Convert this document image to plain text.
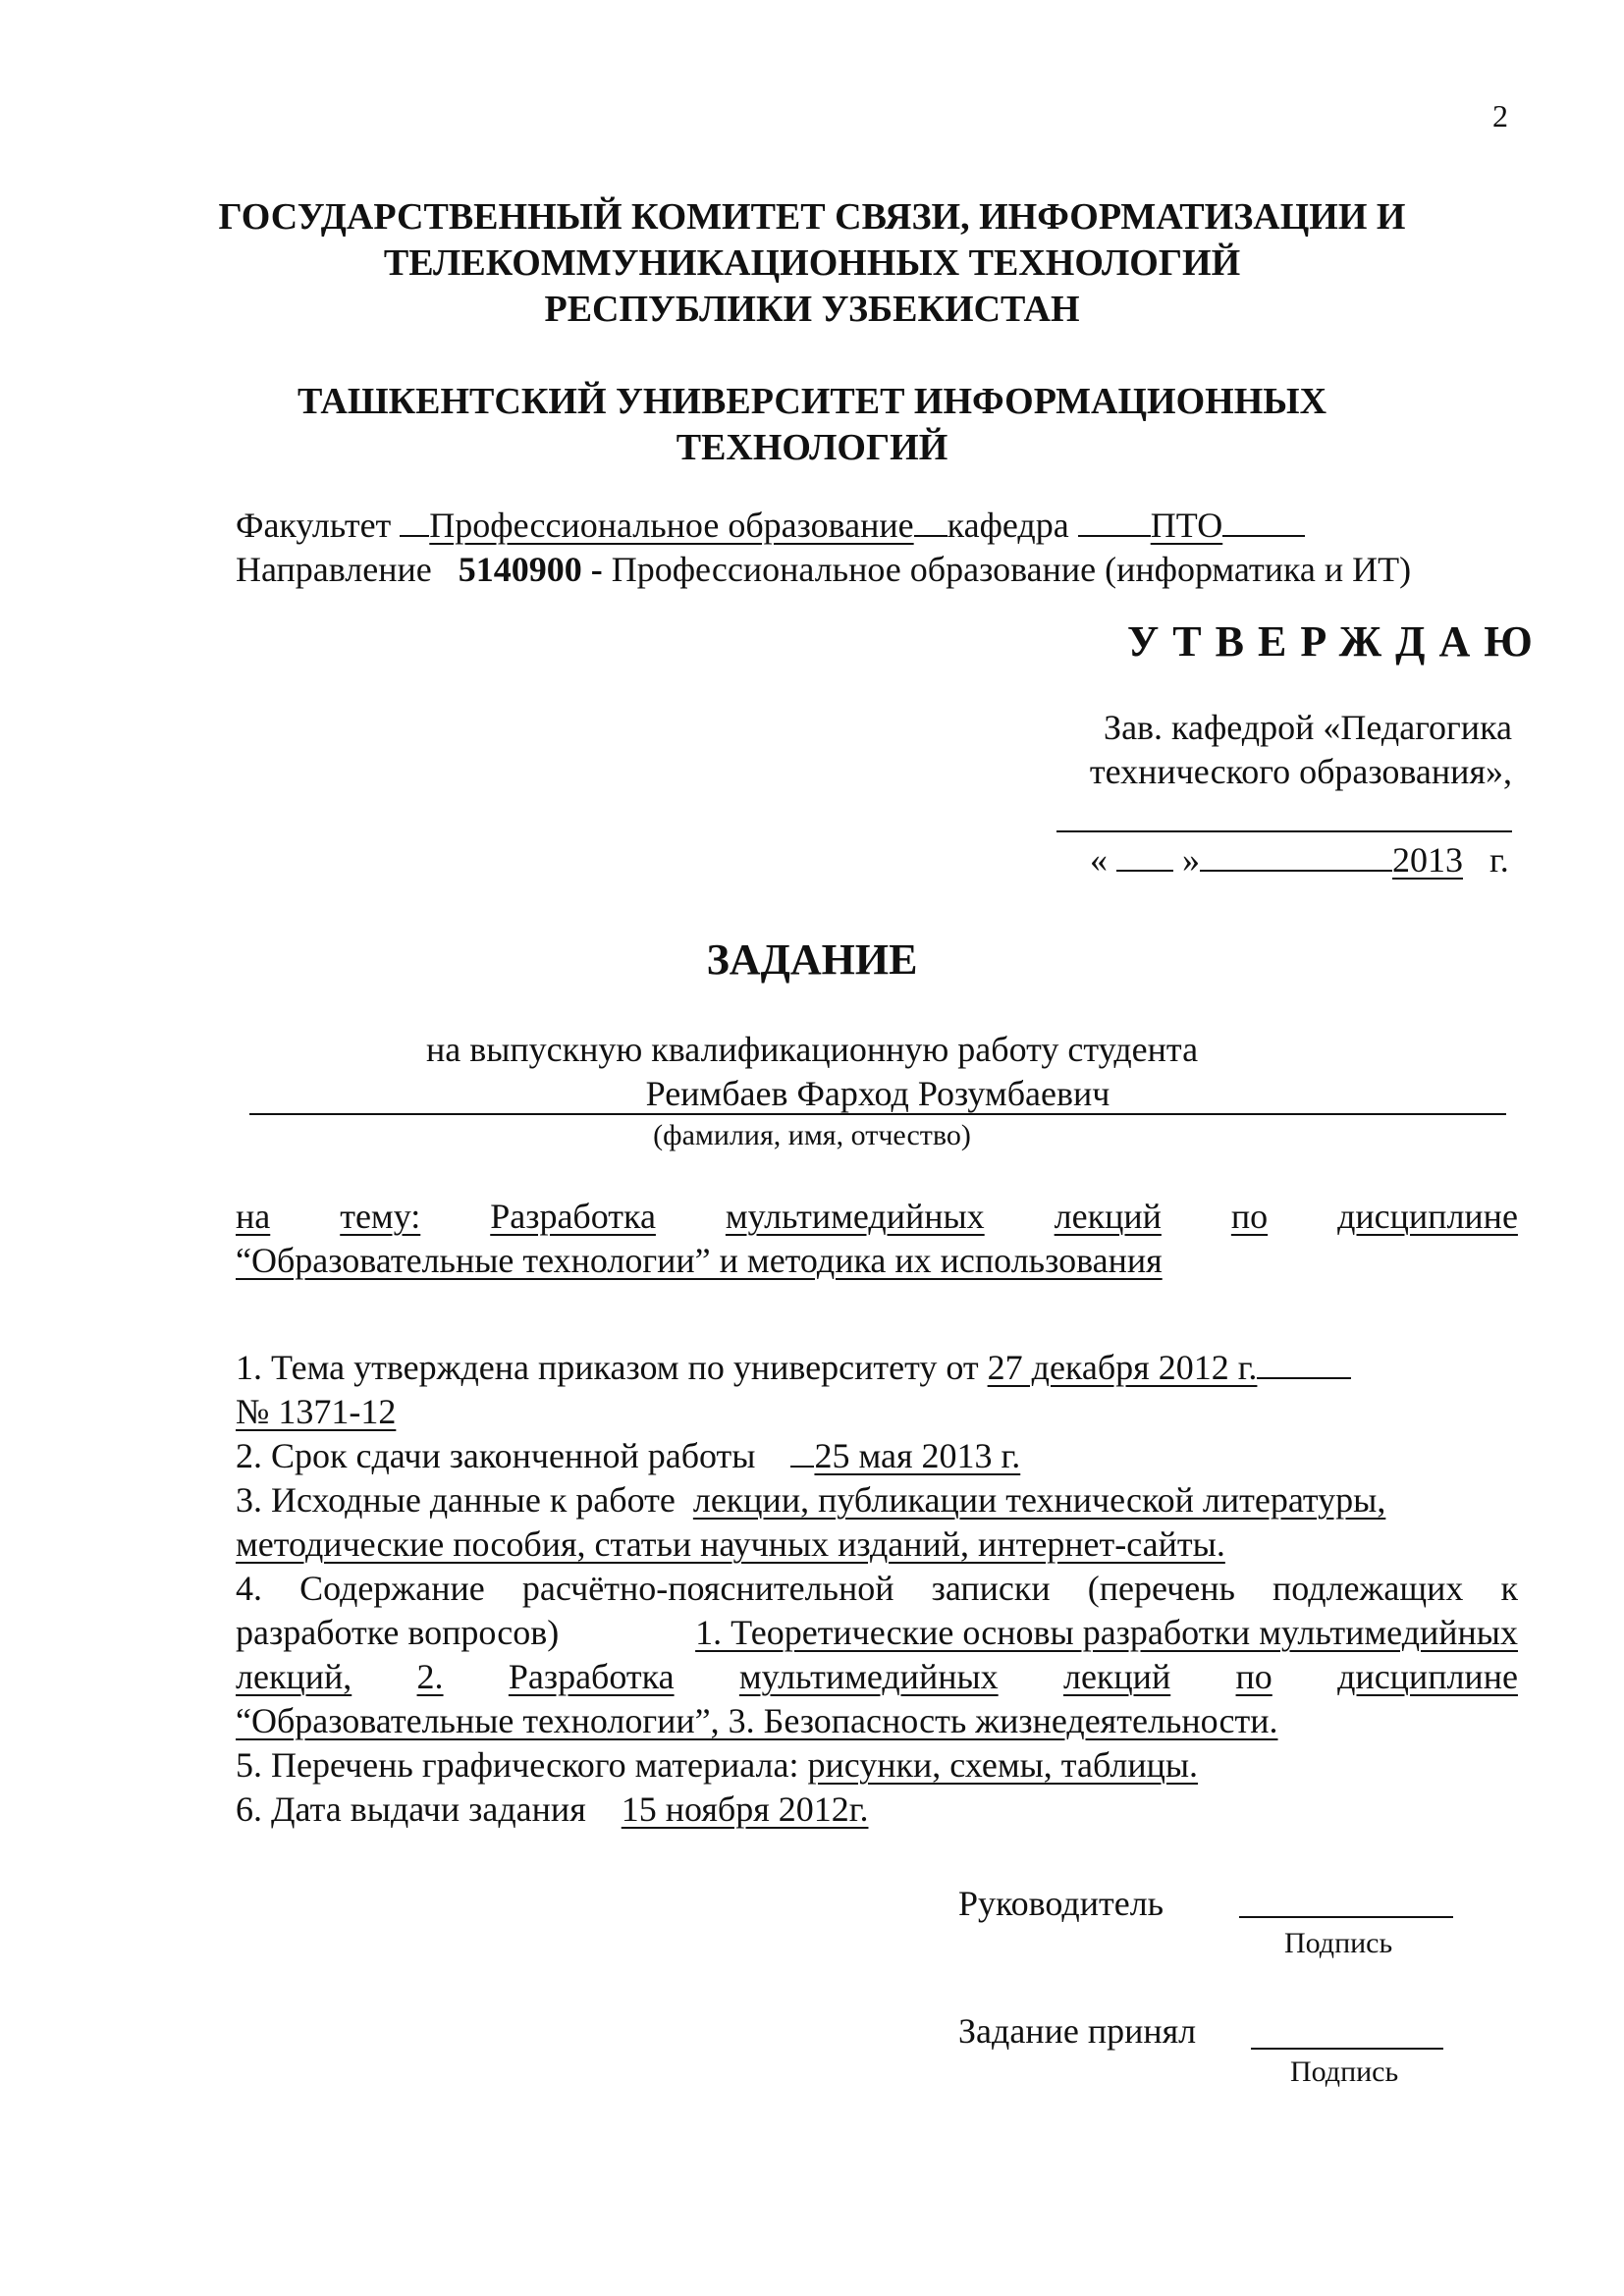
2
ГОСУДАРСТВЕННЫЙ КОМИТЕТ СВЯЗИ, ИНФОРМАТИЗАЦИИ И
ТЕЛЕКОММУНИКАЦИОННЫХ ТЕХНОЛОГИЙ
РЕСПУБЛИКИ УЗБЕКИСТАН
ТАШКЕНТСКИЙ УНИВЕРСИТЕТ ИНФОРМАЦИОННЫХ
ТЕХНОЛОГИЙ
Факультет Профессиональное образование кафедра ПТО
Направление 5140900 - Профессиональное образование (информатика и ИТ)
УТВЕРЖДАЮ
Зав. кафедрой «Педагогика
технического образования»,
« »	2013 г.
ЗАДАНИЕ
на выпускную квалификационную работу студента
Реимбаев Фарход Розумбаевич
(фамилия, имя, отчество)
на тему: Разработка мультимедийных лекций по дисциплине
“Образовательные технологии” и методика их использования
1. Тема утверждена приказом по университету от 27 декабря 2012 г.
№ 1371-12
2. Срок сдачи законченной работы 25 мая 2013 г.
3. Исходные данные к работе лекции, публикации технической литературы,
методические пособия, статьи научных изданий, интернет-сайты.
4. Содержание расчётно-пояснительной записки (перечень подлежащих к
разработке вопросов)	1. Теоретические основы разработки мультимедийных
лекций, 2. Разработка мультимедийных лекций по дисциплине
“Образовательные технологии”, 3. Безопасность жизнедеятельности.
5. Перечень графического материала: рисунки, схемы, таблицы.
6. Дата выдачи задания 15 ноября 2012г.
Руководитель
Подпись
Задание принял
Подпись
